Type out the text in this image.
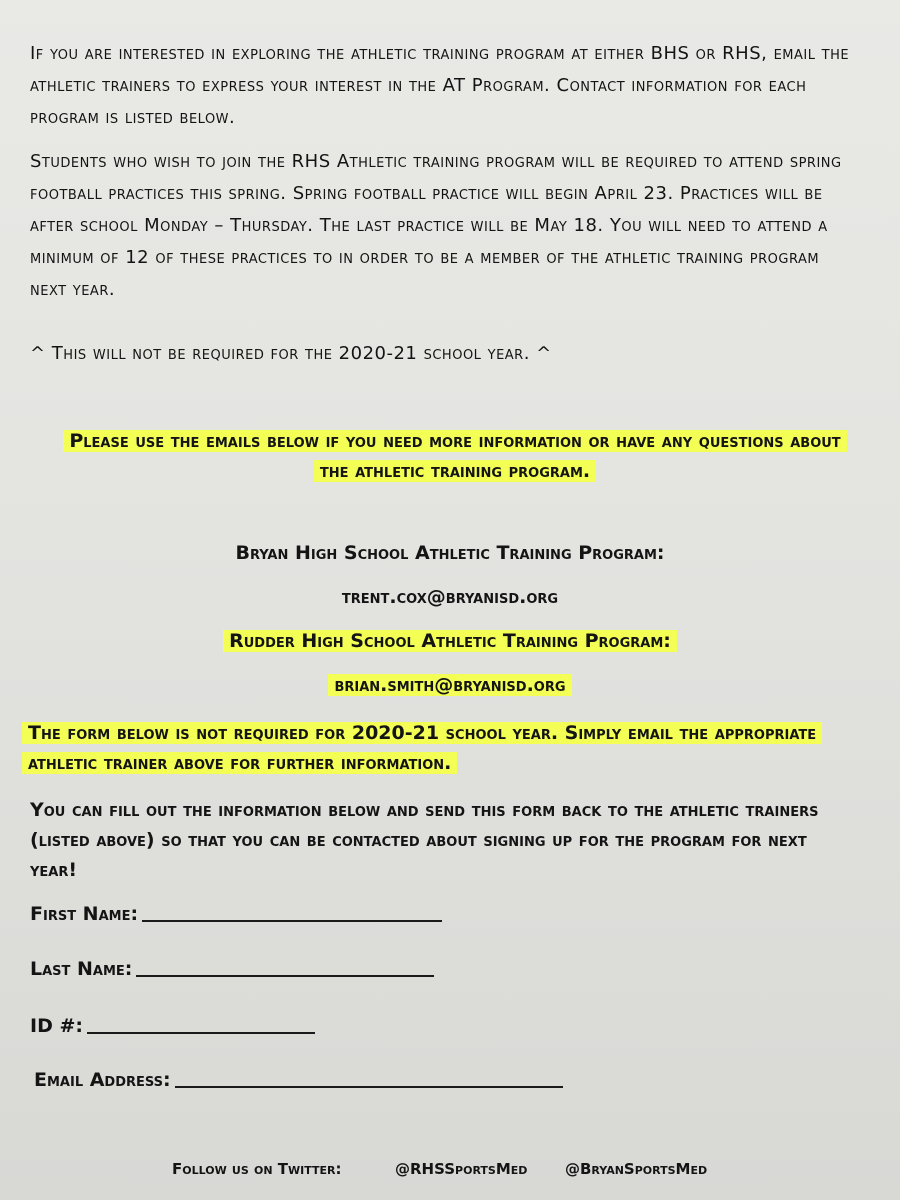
If you are interested in exploring the athletic training program at either BHS or RHS, email the athletic trainers to express your interest in the AT Program. Contact information for each program is listed below.

Students who wish to join the RHS Athletic training program will be required to attend spring football practices this spring. Spring football practice will begin April 23. Practices will be after school Monday – Thursday. The last practice will be May 18. You will need to attend a minimum of 12 of these practices to in order to be a member of the athletic training program next year.

^ This will not be required for the 2020-21 school year. ^

Please use the emails below if you need more information or have any questions about the athletic training program.

Bryan High School Athletic Training Program:

trent.cox@bryanisd.org

Rudder High School Athletic Training Program:

brian.smith@bryanisd.org

The form below is not required for 2020-21 school year. Simply email the appropriate athletic trainer above for further information.

You can fill out the information below and send this form back to the athletic trainers (listed above) so that you can be contacted about signing up for the program for next year!

First Name:
Last Name:
ID #:
Email Address:
Follow us on Twitter:	@RHSSportsMed	@BryanSportsMed
